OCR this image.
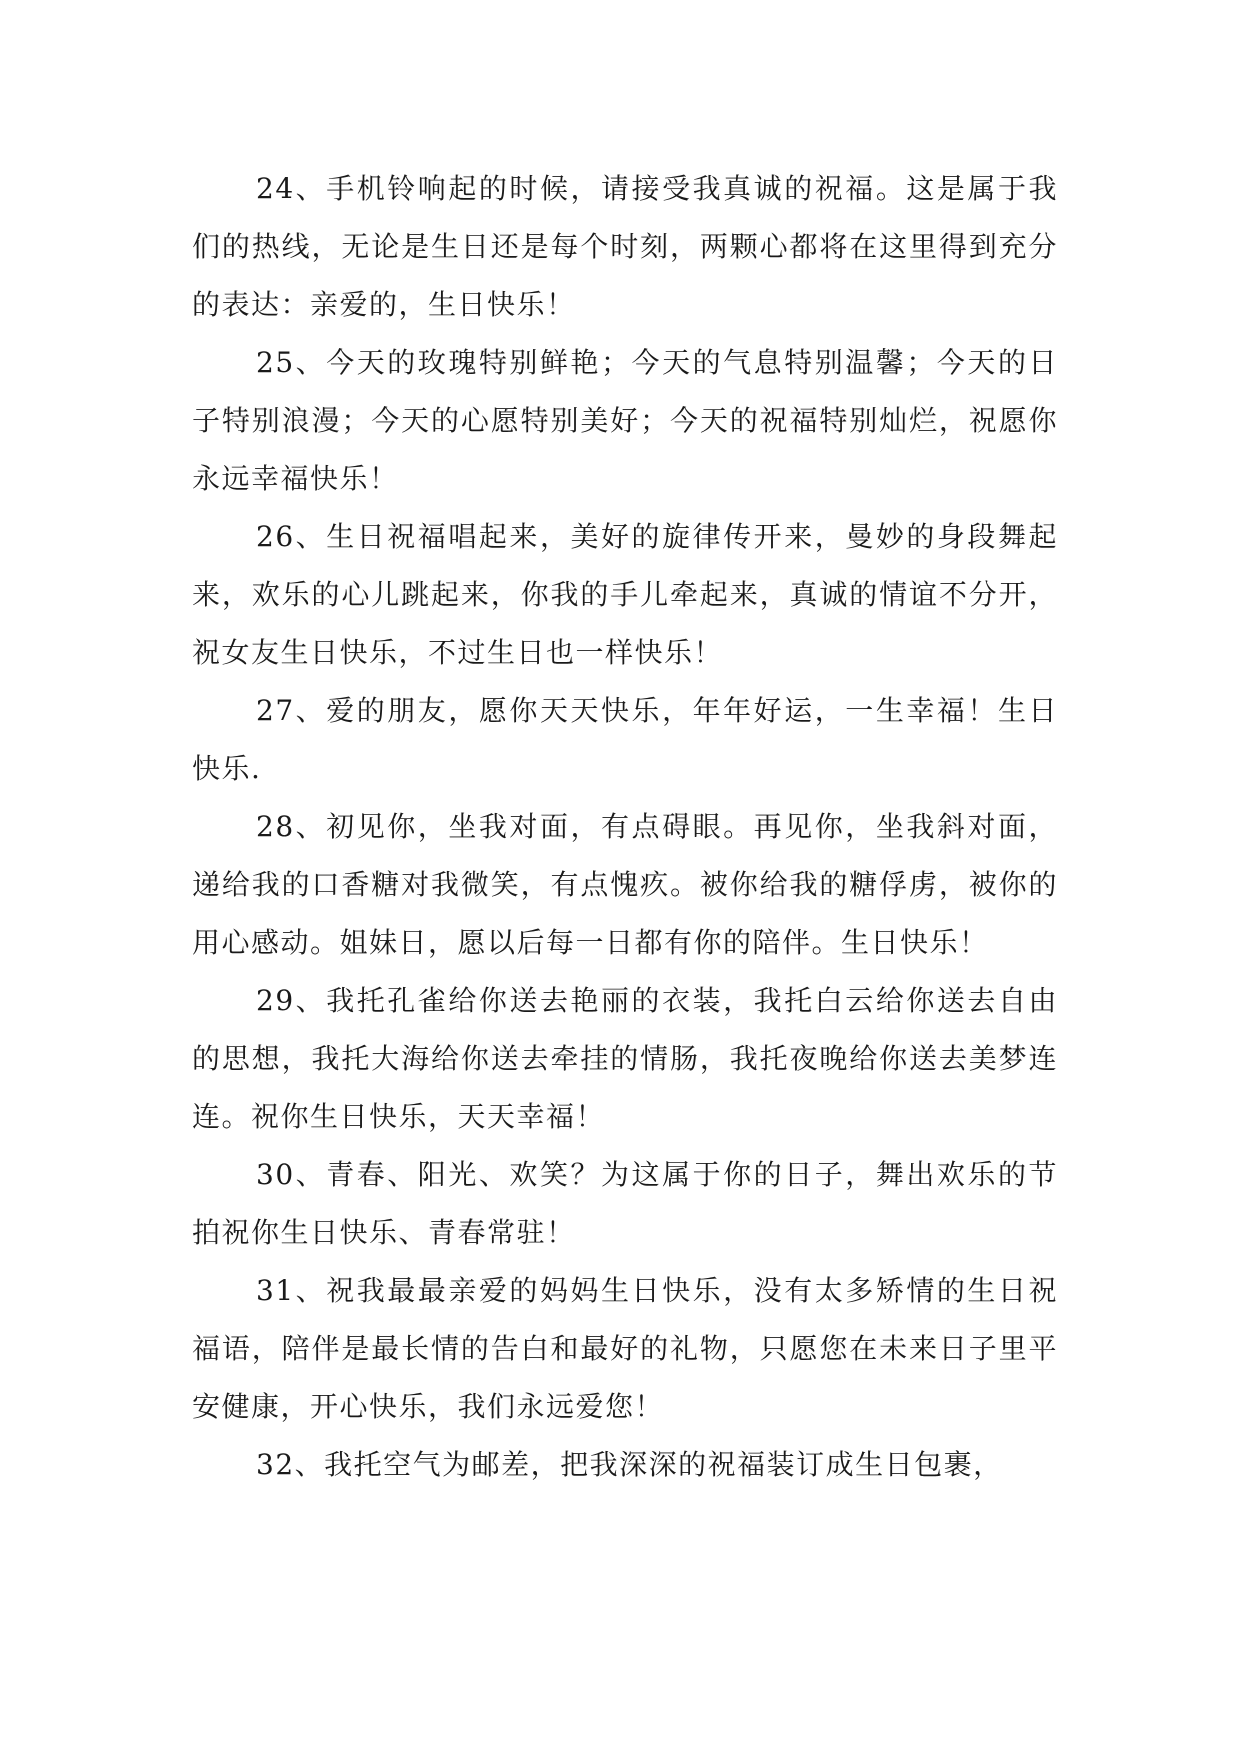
24、手机铃响起的时候，请接受我真诚的祝福。这是属于我们的热线，无论是生日还是每个时刻，两颗心都将在这里得到充分的表达：亲爱的，生日快乐！

25、今天的玫瑰特别鲜艳；今天的气息特别温馨；今天的日子特别浪漫；今天的心愿特别美好；今天的祝福特别灿烂，祝愿你永远幸福快乐！

26、生日祝福唱起来，美好的旋律传开来，曼妙的身段舞起来，欢乐的心儿跳起来，你我的手儿牵起来，真诚的情谊不分开，祝女友生日快乐，不过生日也一样快乐！

27、爱的朋友，愿你天天快乐，年年好运，一生幸福！生日快乐.

28、初见你，坐我对面，有点碍眼。再见你，坐我斜对面，递给我的口香糖对我微笑，有点愧疚。被你给我的糖俘虏，被你的用心感动。姐妹日，愿以后每一日都有你的陪伴。生日快乐！

29、我托孔雀给你送去艳丽的衣装，我托白云给你送去自由的思想，我托大海给你送去牵挂的情肠，我托夜晚给你送去美梦连连。祝你生日快乐，天天幸福！

30、青春、阳光、欢笑？为这属于你的日子，舞出欢乐的节拍祝你生日快乐、青春常驻！

31、祝我最最亲爱的妈妈生日快乐，没有太多矫情的生日祝福语，陪伴是最长情的告白和最好的礼物，只愿您在未来日子里平安健康，开心快乐，我们永远爱您！

32、我托空气为邮差，把我深深的祝福装订成生日包裹，
